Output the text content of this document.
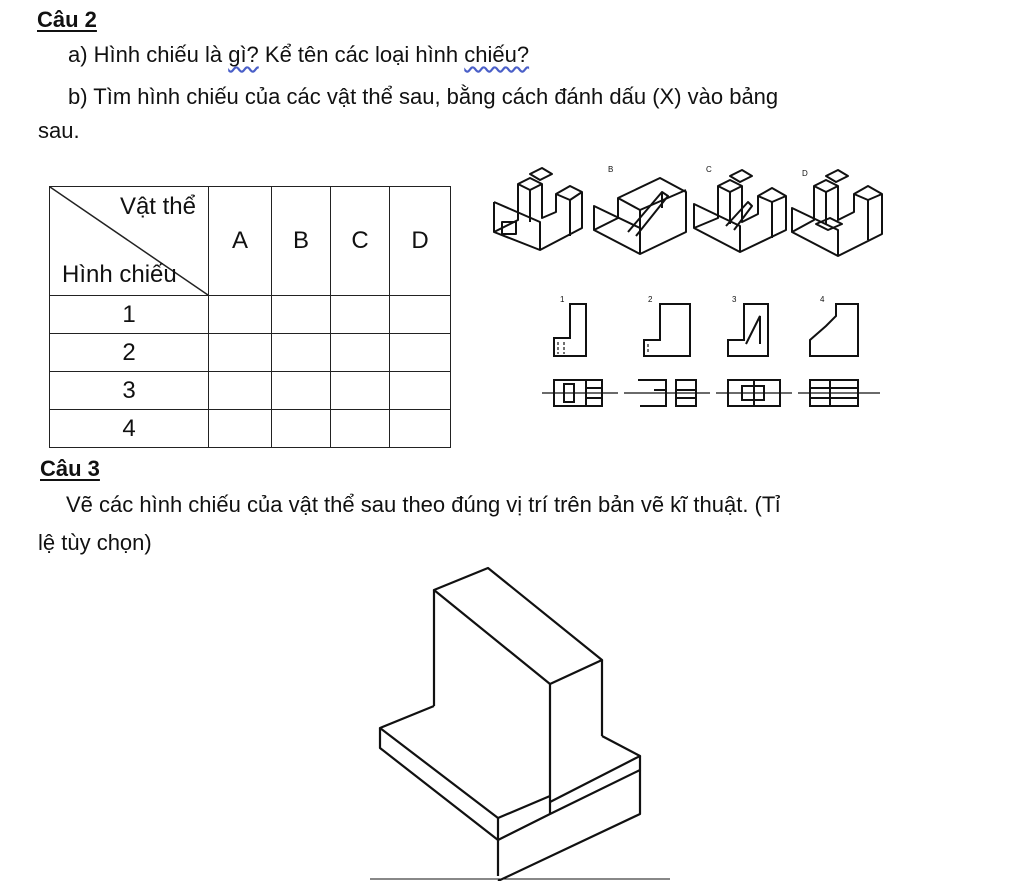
Câu 2
a) Hình chiếu là gì? Kể tên các loại hình chiếu?
b) Tìm hình chiếu của các vật thể sau, bằng cách đánh dấu (X) vào bảng
sau.
Vật thể
Hình chiếu	A	B	C	D
1				
2				
3				
4				
B	C	D
1	2	3	4
Câu 3
Vẽ các hình chiếu của vật thể sau theo đúng vị trí trên bản vẽ kĩ thuật. (Tỉ
lệ tùy chọn)
